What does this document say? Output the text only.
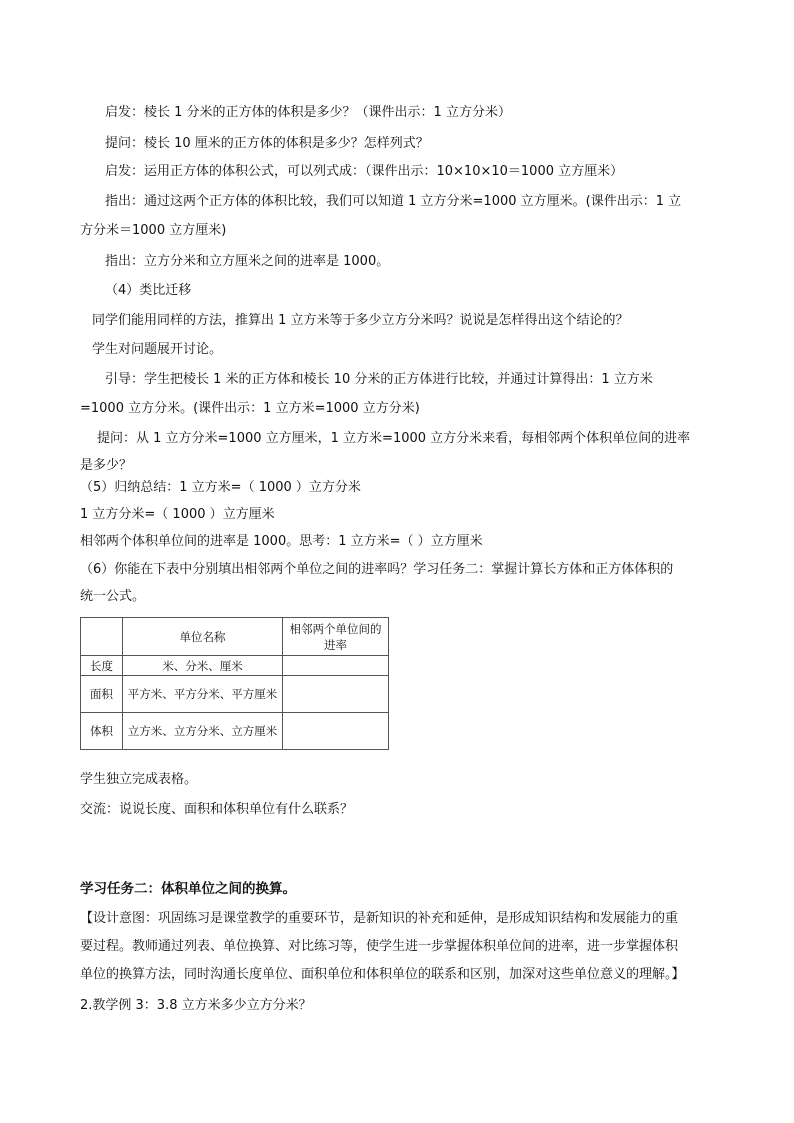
启发：棱长 1 分米的正方体的体积是多少？（课件出示：1 立方分米）
提问：棱长 10 厘米的正方体的体积是多少？怎样列式？
启发：运用正方体的体积公式，可以列式成：（课件出示：10×10×10＝1000 立方厘米）
指出：通过这两个正方体的体积比较，我们可以知道 1 立方分米=1000 立方厘米。(课件出示：1 立
方分米＝1000 立方厘米)
指出：立方分米和立方厘米之间的进率是 1000。
（4）类比迁移
同学们能用同样的方法，推算出 1 立方米等于多少立方分米吗？说说是怎样得出这个结论的？
学生对问题展开讨论。
引导：学生把棱长 1 米的正方体和棱长 10 分米的正方体进行比较，并通过计算得出：1 立方米
=1000 立方分米。(课件出示：1 立方米=1000 立方分米)
提问：从 1 立方分米=1000 立方厘米，1 立方米=1000 立方分米来看，每相邻两个体积单位间的进率
是多少？
（5）归纳总结：1 立方米=（ 1000 ）立方分米
1 立方分米=（ 1000 ）立方厘米
相邻两个体积单位间的进率是 1000。思考：1 立方米=（ ）立方厘米
（6）你能在下表中分别填出相邻两个单位之间的进率吗？学习任务二：掌握计算长方体和正方体体积的
统一公式。
	单位名称	相邻两个单位间的进率
长度	米、分米、厘米	
面积	平方米、平方分米、平方厘米	
体积	立方米、立方分米、立方厘米	
学生独立完成表格。
交流：说说长度、面积和体积单位有什么联系？
学习任务二：体积单位之间的换算。
【设计意图：巩固练习是课堂教学的重要环节，是新知识的补充和延伸，是形成知识结构和发展能力的重
要过程。教师通过列表、单位换算、对比练习等，使学生进一步掌握体积单位间的进率，进一步掌握体积
单位的换算方法，同时沟通长度单位、面积单位和体积单位的联系和区别，加深对这些单位意义的理解。】
2.教学例 3：3.8 立方米多少立方分米？
